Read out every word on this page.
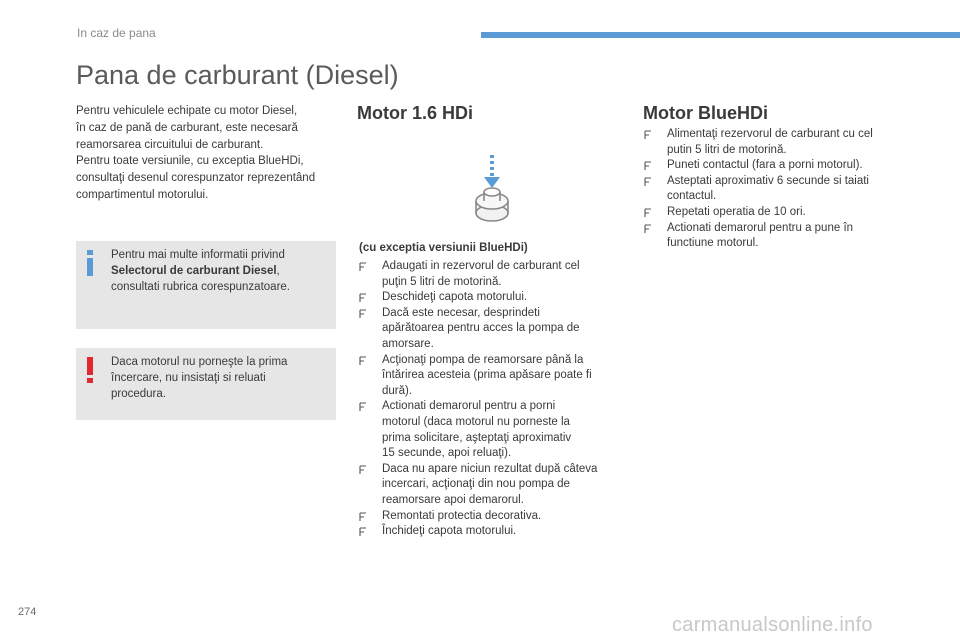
In caz de pana
Pana de carburant (Diesel)

Pentru vehiculele echipate cu motor Diesel,
în caz de pană de carburant, este necesară
reamorsarea circuitului de carburant.
Pentru toate versiunile, cu exceptia BlueHDi,
consultaţi desenul corespunzator reprezentând
compartimentul motorului.

Pentru mai multe informatii privind
Selectorul de carburant Diesel,
consultati rubrica corespunzatoare.
Daca motorul nu porneşte la prima
încercare, nu insistaţi si reluati
procedura.
Motor 1.6 HDi
(cu exceptia versiunii BlueHDi)
Adaugati in rezervorul de carburant cel
puţin 5 litri de motorină.
Deschideţi capota motorului.
Dacă este necesar, desprindeti
apărătoarea pentru acces la pompa de
amorsare.
Acţionaţi pompa de reamorsare până la
întărirea acesteia (prima apăsare poate fi
dură).
Actionati demarorul pentru a porni
motorul (daca motorul nu porneste la
prima solicitare, aşteptaţi aproximativ
15 secunde, apoi reluaţi).
Daca nu apare niciun rezultat după câteva
incercari, acţionaţi din nou pompa de
reamorsare apoi demarorul.
Remontati protectia decorativa.
Închideţi capota motorului.
Motor BlueHDi
Alimentaţi rezervorul de carburant cu cel
putin 5 litri de motorină.
Puneti contactul (fara a porni motorul).
Asteptati aproximativ 6 secunde si taiati
contactul.
Repetati operatia de 10 ori.
Actionati demarorul pentru a pune în
functiune motorul.
274
carmanualsonline.info
